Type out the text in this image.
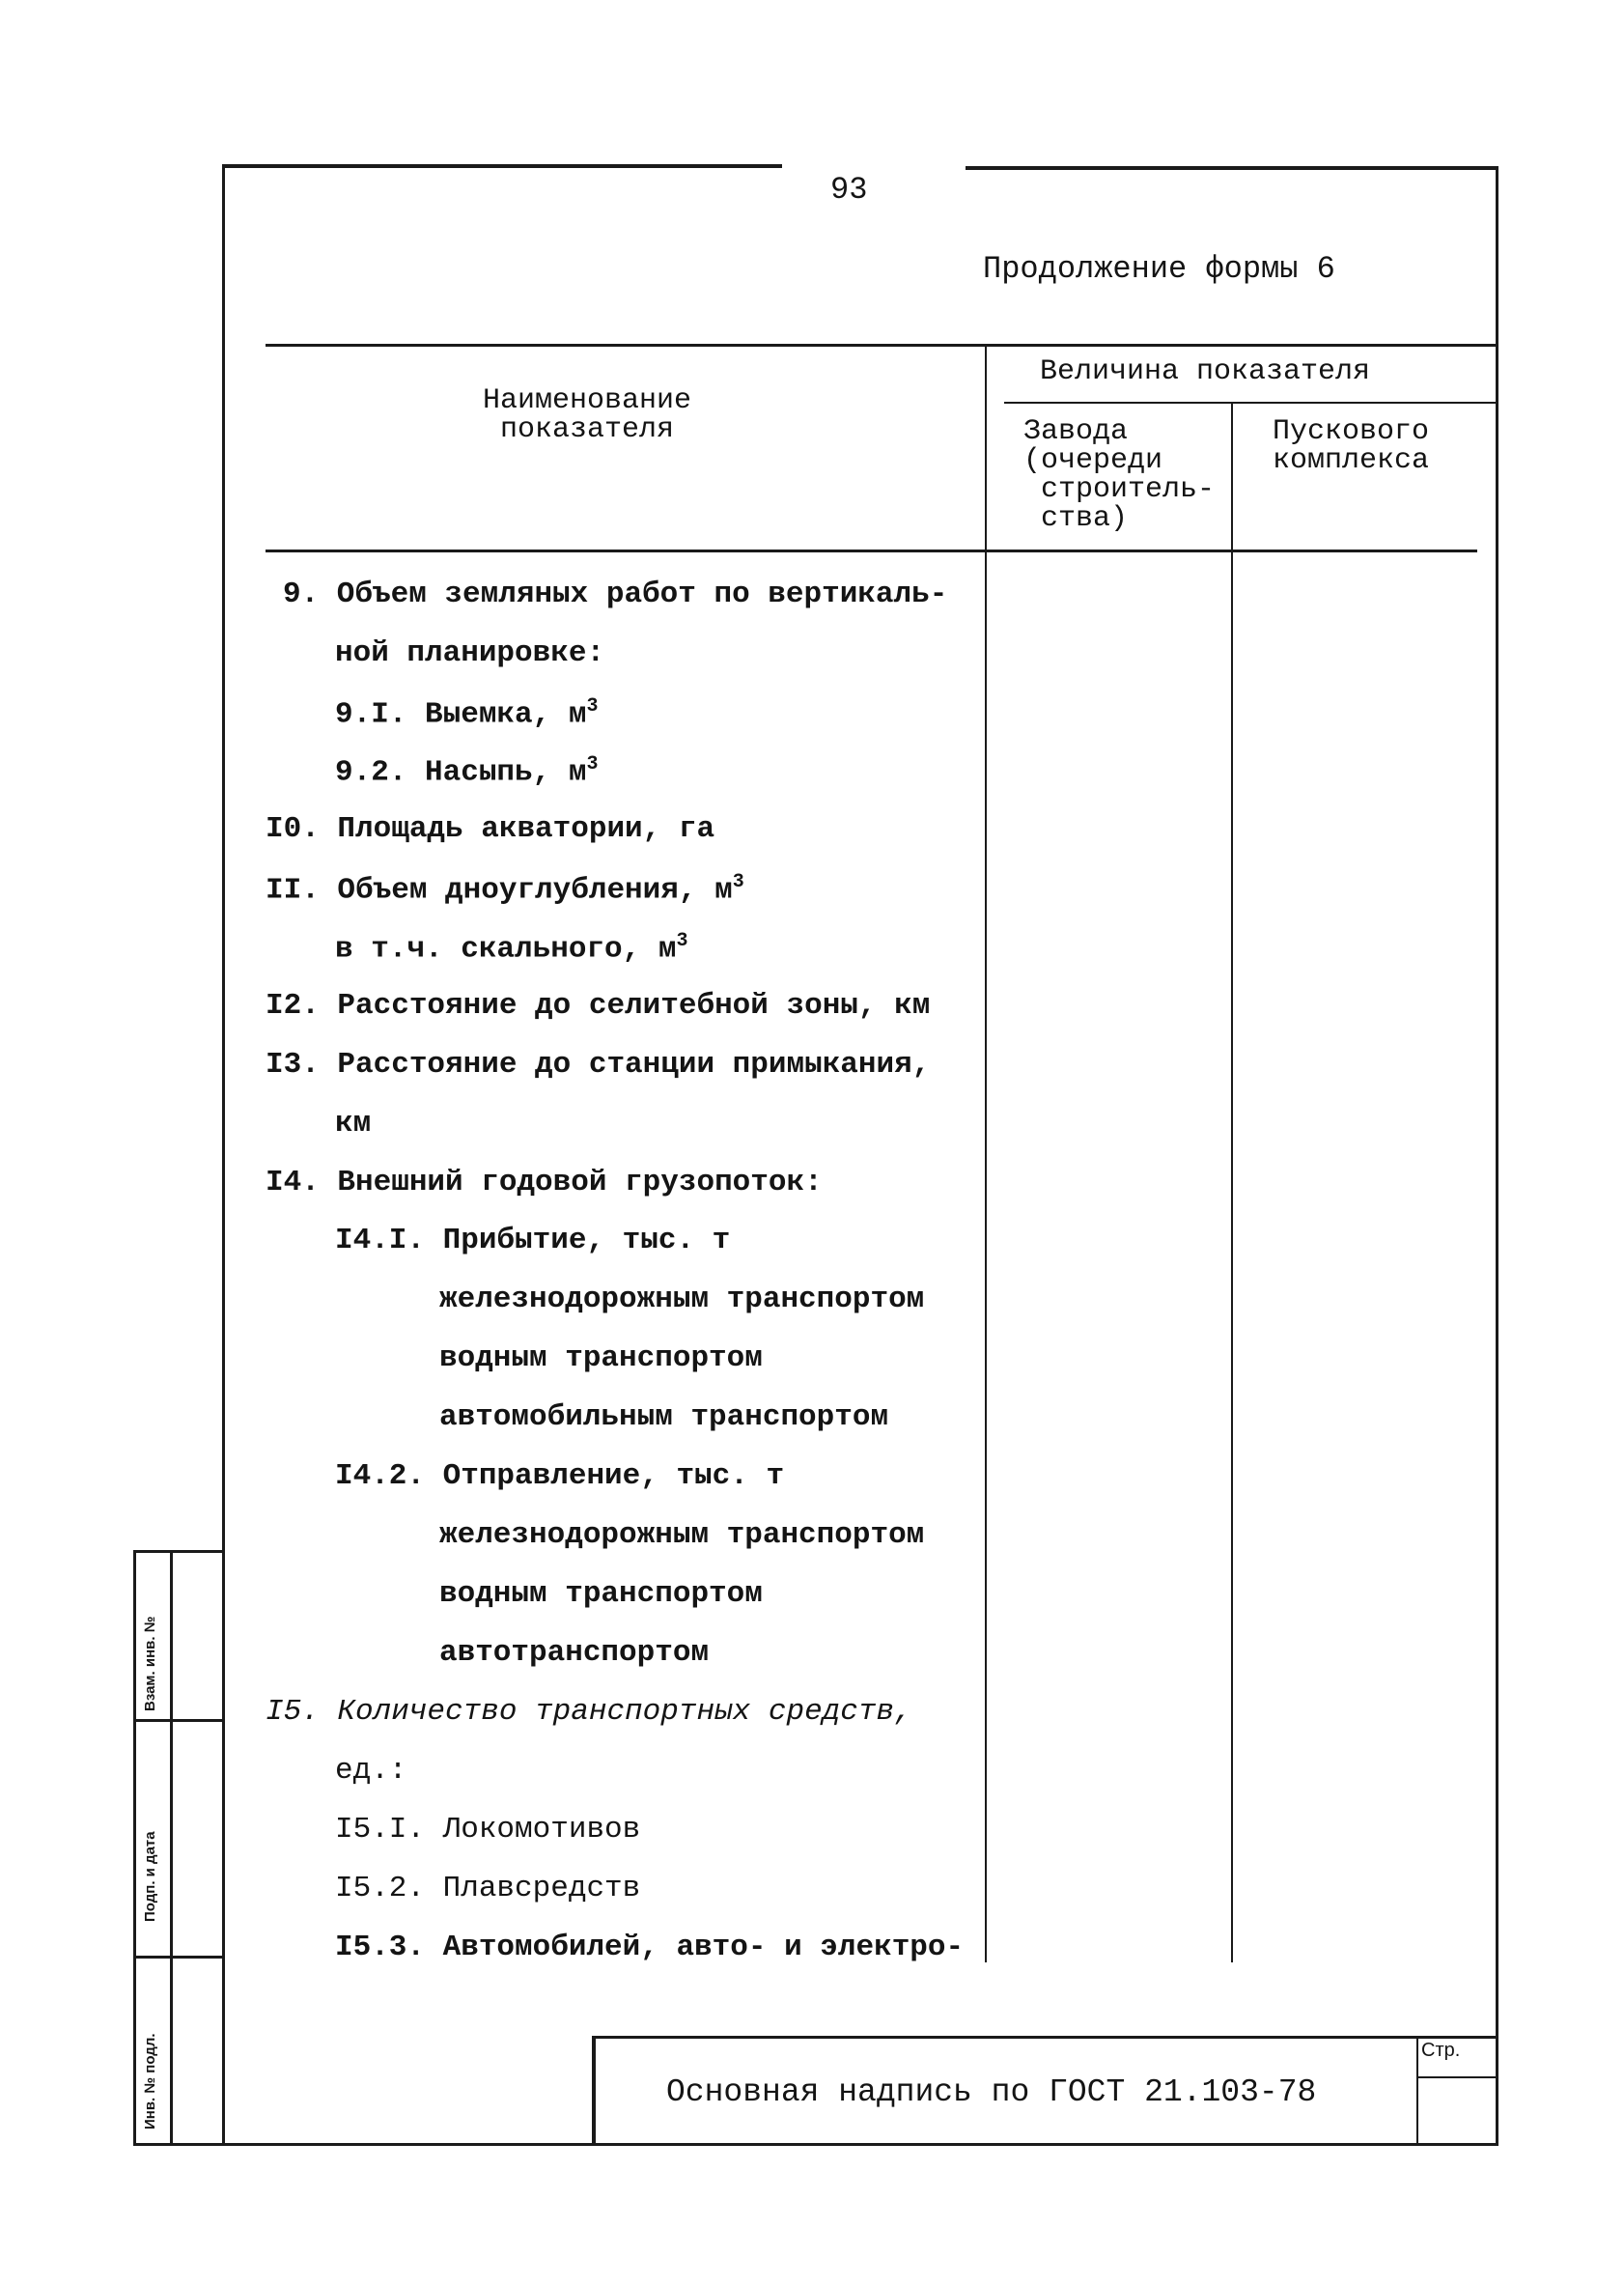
93
Продолжение формы 6
Наименование
показателя
Величина показателя
Завода
(очереди
строитель-
ства)
Пускового
комплекса
9. Объем земляных работ по вертикаль-
ной планировке:
9.I. Выемка, $м^3$
9.2. Насыпь, $м^3$
I0. Площадь акватории, га
II. Объем дноуглубления, $м^3$
в т.ч. скального, $м^3$
I2. Расстояние до селитебной зоны, км
I3. Расстояние до станции примыкания,
км
I4. Внешний годовой грузопоток:
I4.I. Прибытие, тыс. т
железнодорожным транспортом
водным транспортом
автомобильным транспортом
I4.2. Отправление, тыс. т
железнодорожным транспортом
водным транспортом
автотранспортом
I5. Количество транспортных средств,
ед.:
I5.I. Локомотивов
I5.2. Плавсредств
I5.3. Автомобилей, авто- и электро-
Основная надпись по ГОСТ 21.103-78
Стр.
Взам. инв. №
Подп. и дата
Инв. № подл.
